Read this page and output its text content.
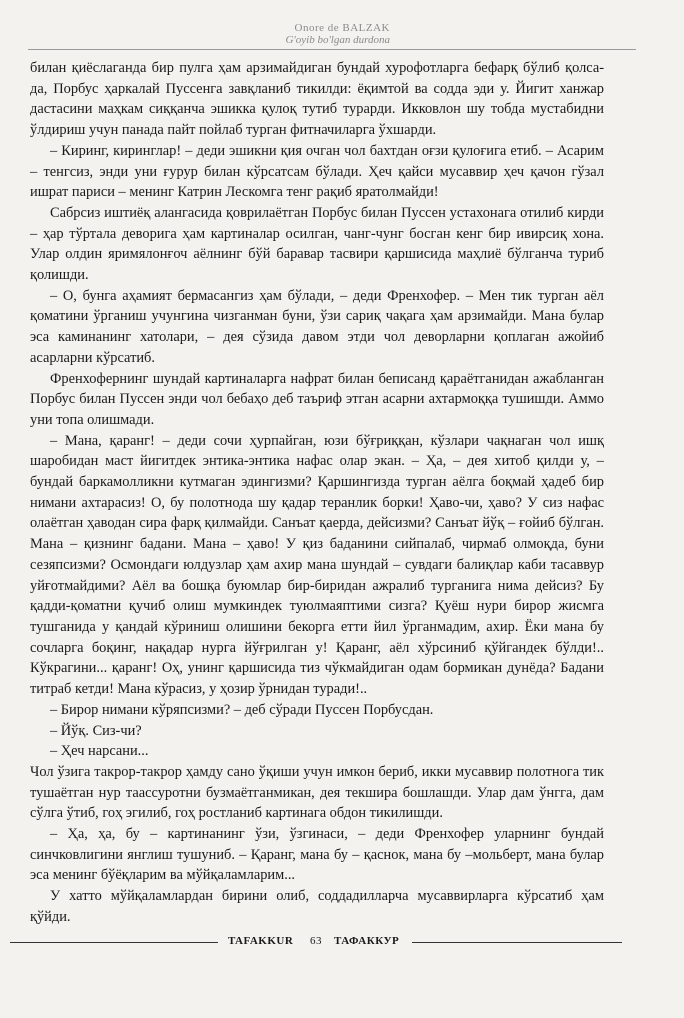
Onore de BALZAK
G'oyib bo'lgan durdona

билан қиёслаганда бир пулга ҳам арзимайдиган бундай хурофотларга бефарқ бўлиб қолса-да, Порбус ҳаркалай Пуссенга завқланиб тикилди: ёқимтой ва содда эди у. Йигит ханжар дастасини маҳкам сиққанча эшикка қулоқ тутиб турарди. Икковлон шу тобда мустабидни ўлдириш учун панада пайт пойлаб турган фитначиларга ўхшарди.

– Киринг, киринглар! – деди эшикни қия очган чол бахтдан оғзи қулоғига етиб. – Асарим – тенгсиз, энди уни ғурур билан кўрсатсам бўлади. Ҳеч қайси мусаввир ҳеч қачон гўзал ишрат париси – менинг Катрин Лескомга тенг рақиб яратолмайди!

Сабрсиз иштиёқ алангасида қоврилаётган Порбус билан Пуссен устахонага отилиб кирди – ҳар тўртала деворига ҳам картиналар осилган, чанг-чунг босган кенг бир ивирсиқ хона. Улар олдин яримялонғоч аёлнинг бўй баравар тасвири қаршисида маҳлиё бўлганча туриб қолишди.

– О, бунга аҳамият бермасангиз ҳам бўлади, – деди Френхофер. – Мен тик турган аёл қоматини ўрганиш учунгина чизганман буни, ўзи сариқ чақага ҳам арзимайди. Мана булар эса каминанинг хатолари, – дея сўзида давом этди чол деворларни қоплаган ажойиб асарларни кўрсатиб.

Френхофернинг шундай картиналарга нафрат билан беписанд қараётганидан ажабланган Порбус билан Пуссен энди чол бебаҳо деб таъриф этган асарни ахтармоққа тушишди. Аммо уни топа олишмади.

– Мана, қаранг! – деди сочи ҳурпайган, юзи бўғриққан, кўзлари чақнаган чол ишқ шаробидан маст йигитдек энтика-энтика нафас олар экан. – Ҳа, – дея хитоб қилди у, – бундай баркамолликни кутмаган эдингизми? Қаршингизда турган аёлга боқмай ҳадеб бир нимани ахтарасиз! О, бу полотнода шу қадар теранлик борки! Ҳаво-чи, ҳаво? У сиз нафас олаётган ҳаводан сира фарқ қилмайди. Санъат қаерда, дейсизми? Санъат йўқ – ғойиб бўлган. Мана – қизнинг бадани. Мана – ҳаво! У қиз баданини сийпалаб, чирмаб олмоқда, буни сезяпсизми? Осмондаги юлдузлар ҳам ахир мана шундай – сувдаги балиқлар каби тасаввур уйғотмайдими? Аёл ва бошқа буюмлар бир-биридан ажралиб турганига нима дейсиз? Бу қадди-қоматни қучиб олиш мумкиндек туюлмаяптими сизга? Қуёш нури бирор жисмга тушганида у қандай кўриниш олишини бекорга етти йил ўрганмадим, ахир. Ёки мана бу сочларга боқинг, нақадар нурга йўғрилган у! Қаранг, аёл хўрсиниб қўйгандек бўлди!.. Кўкрагини... қаранг! Оҳ, унинг қаршисида тиз чўкмайдиган одам бормикан дунёда? Бадани титраб кетди! Мана кўрасиз, у ҳозир ўрнидан туради!..

– Бирор нимани кўряпсизми? – деб сўради Пуссен Порбусдан.

– Йўқ. Сиз-чи?

– Ҳеч нарсани...

Чол ўзига такрор-такрор ҳамду сано ўқиши учун имкон бериб, икки мусаввир полотнога тик тушаётган нур таассуротни бузмаётганмикан, дея текшира бошлашди. Улар дам ўнгга, дам сўлга ўтиб, гоҳ эгилиб, гоҳ ростланиб картинага обдон тикилишди.

– Ҳа, ҳа, бу – картинанинг ўзи, ўзгинаси, – деди Френхофер уларнинг бундай синчковлигини янглиш тушуниб. – Қаранг, мана бу – қаснок, мана бу –мольберт, мана булар эса менинг бўёқларим ва мўйқаламларим...

У хатто мўйқаламлардан бирини олиб, соддадилларча мусаввирларга кўрсатиб ҳам қўйди.

TAFAKKUR 63 ТАФАККУР
